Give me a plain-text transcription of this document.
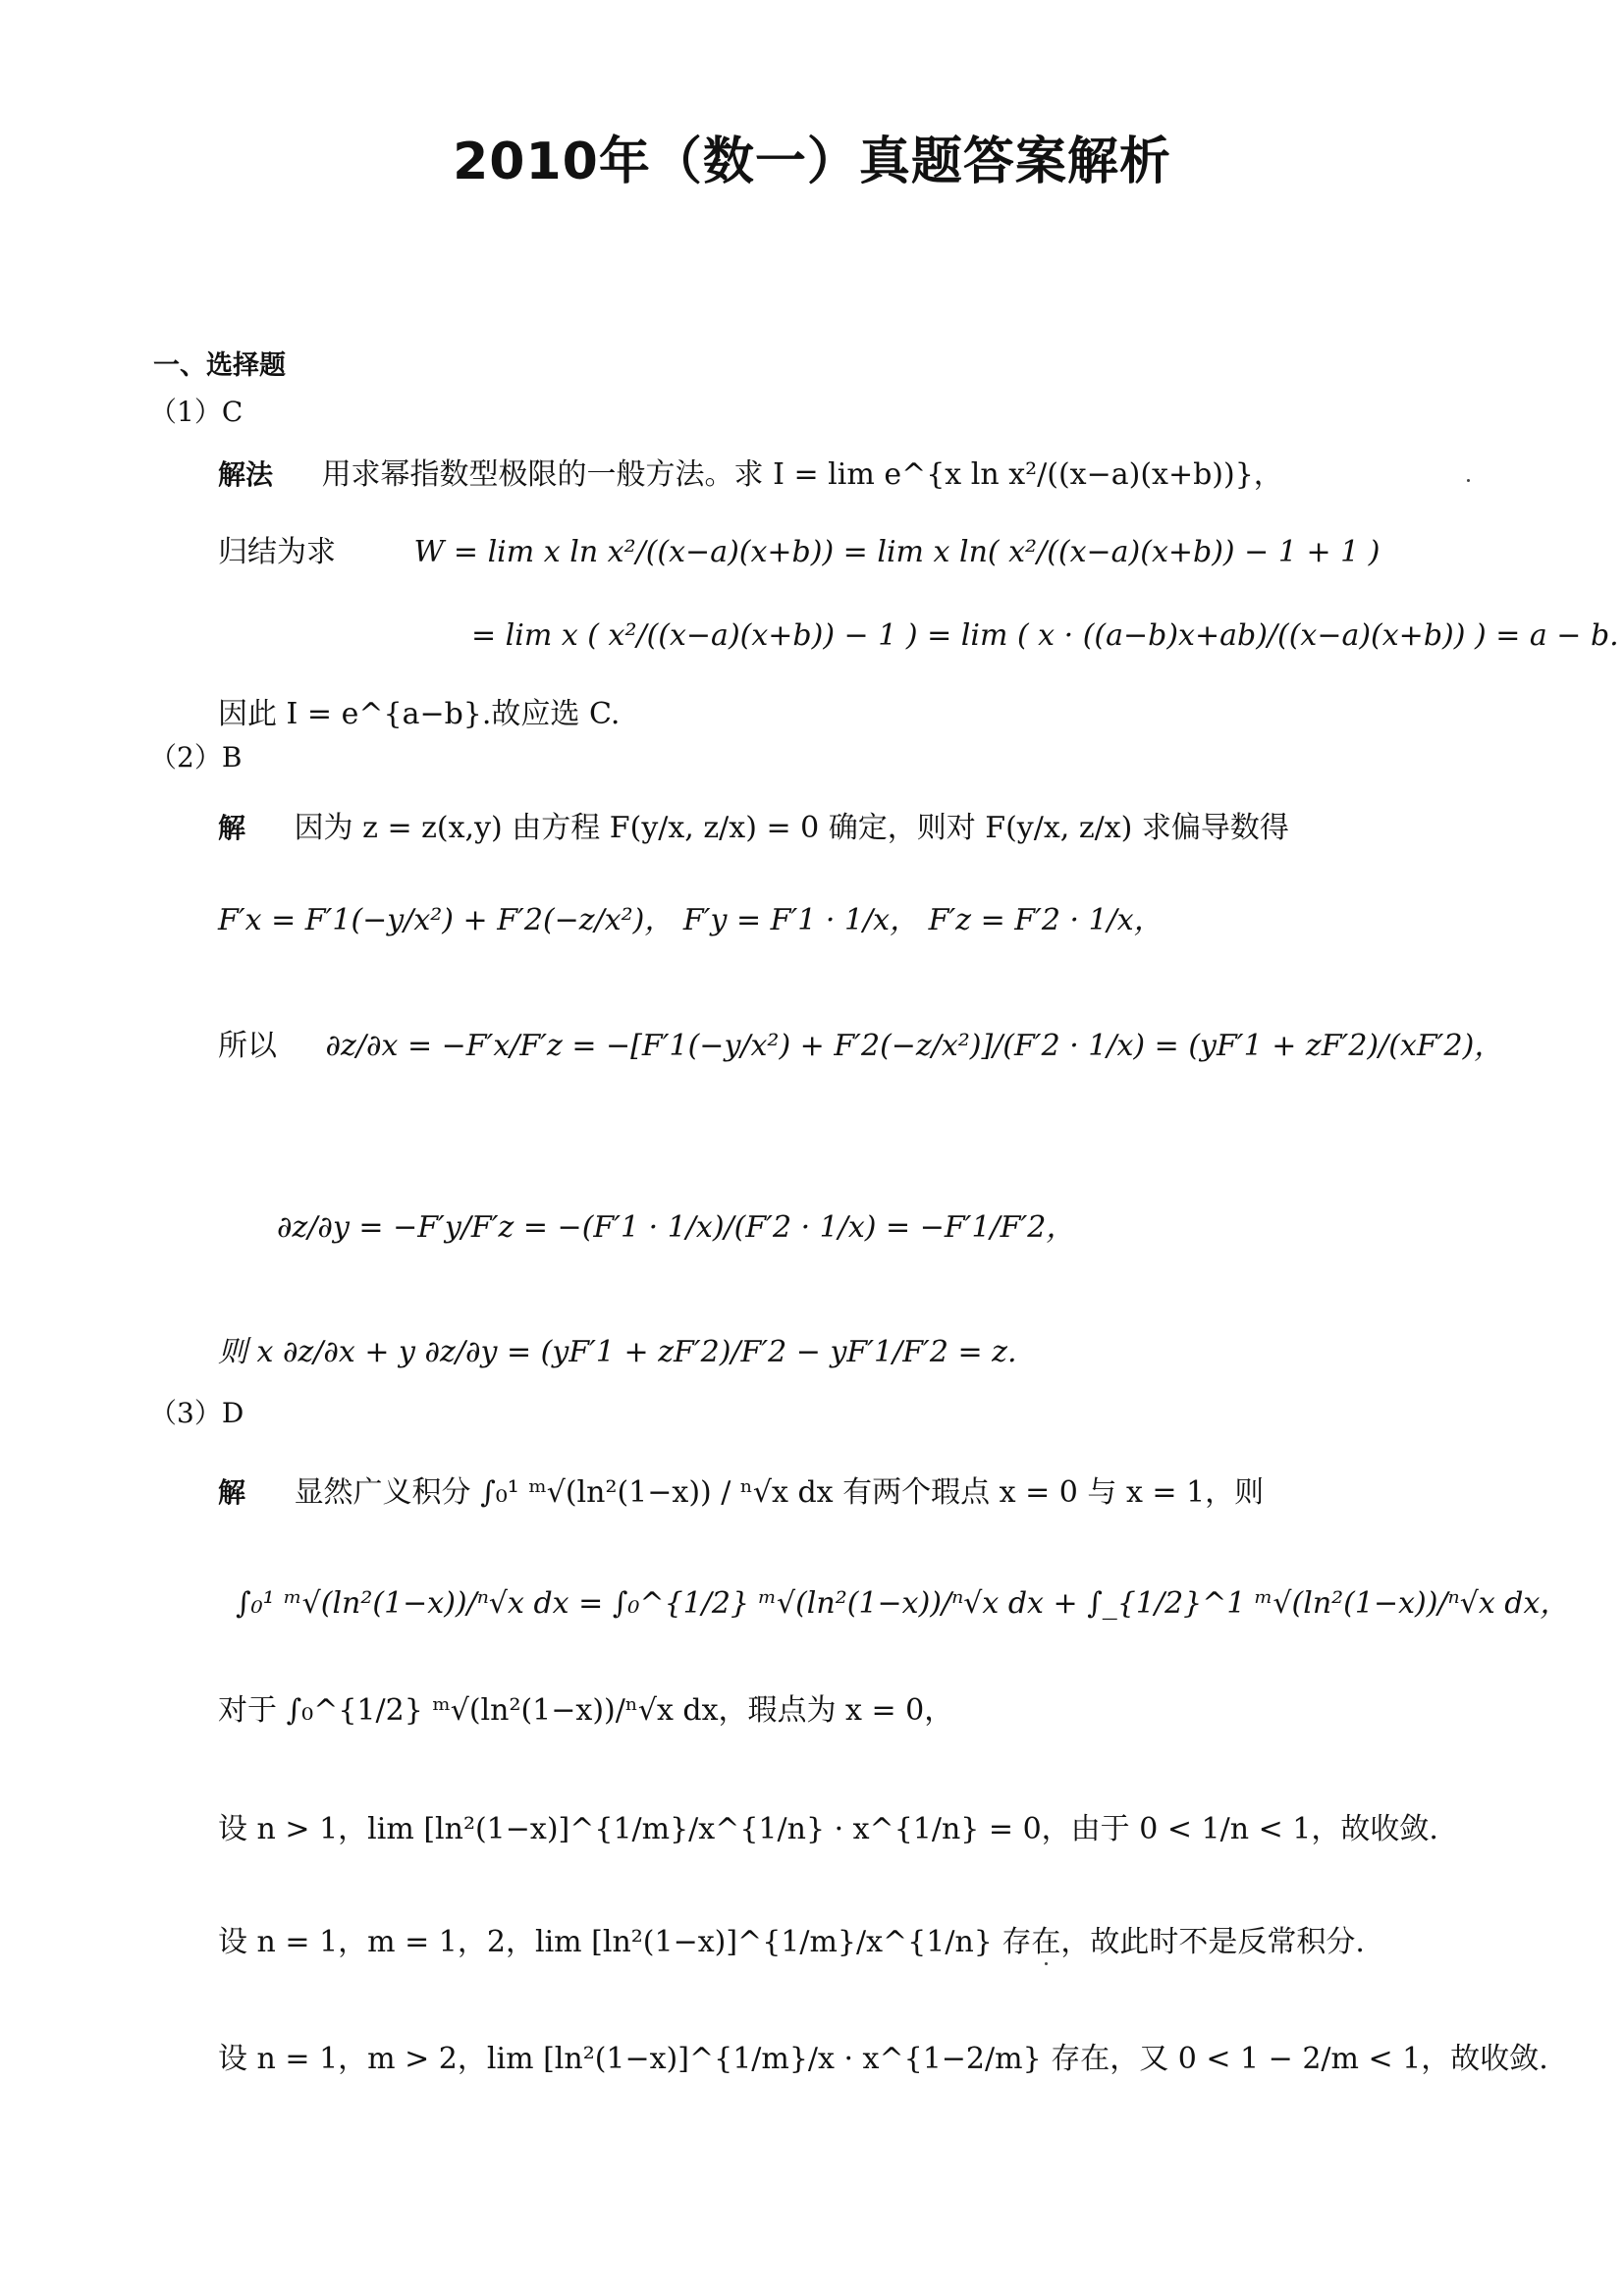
2010年（数一）真题答案解析
一、选择题
（1）C
解法 用求幂指数型极限的一般方法。求 I = lim e^{x ln x²/((x−a)(x+b))}，
归结为求	W = lim x ln x²/((x−a)(x+b)) = lim x ln( x²/((x−a)(x+b)) − 1 + 1 )
= lim x ( x²/((x−a)(x+b)) − 1 ) = lim ( x · ((a−b)x+ab)/((x−a)(x+b)) ) = a − b.
因此 I = e^{a−b}.故应选 C.
（2）B
解 因为 z = z(x,y) 由方程 F(y/x, z/x) = 0 确定，则对 F(y/x, z/x) 求偏导数得
F′x = F′1(−y/x²) + F′2(−z/x²)， F′y = F′1 · 1/x， F′z = F′2 · 1/x，
所以 ∂z/∂x = −F′x/F′z = −[F′1(−y/x²) + F′2(−z/x²)]/(F′2 · 1/x) = (yF′1 + zF′2)/(xF′2)，
∂z/∂y = −F′y/F′z = −(F′1 · 1/x)/(F′2 · 1/x) = −F′1/F′2，
则 x ∂z/∂x + y ∂z/∂y = (yF′1 + zF′2)/F′2 − yF′1/F′2 = z.
（3）D
解 显然广义积分 ∫₀¹ ᵐ√(ln²(1−x)) / ⁿ√x dx 有两个瑕点 x = 0 与 x = 1，则
∫₀¹ ᵐ√(ln²(1−x))/ⁿ√x dx = ∫₀^{1/2} ᵐ√(ln²(1−x))/ⁿ√x dx + ∫_{1/2}^1 ᵐ√(ln²(1−x))/ⁿ√x dx，
对于 ∫₀^{1/2} ᵐ√(ln²(1−x))/ⁿ√x dx，瑕点为 x = 0，
设 n > 1，lim [ln²(1−x)]^{1/m}/x^{1/n} · x^{1/n} = 0，由于 0 < 1/n < 1，故收敛.
设 n = 1，m = 1，2，lim [ln²(1−x)]^{1/m}/x^{1/n} 存在，故此时不是反常积分.
设 n = 1，m > 2，lim [ln²(1−x)]^{1/m}/x · x^{1−2/m} 存在，又 0 < 1 − 2/m < 1，故收敛.
